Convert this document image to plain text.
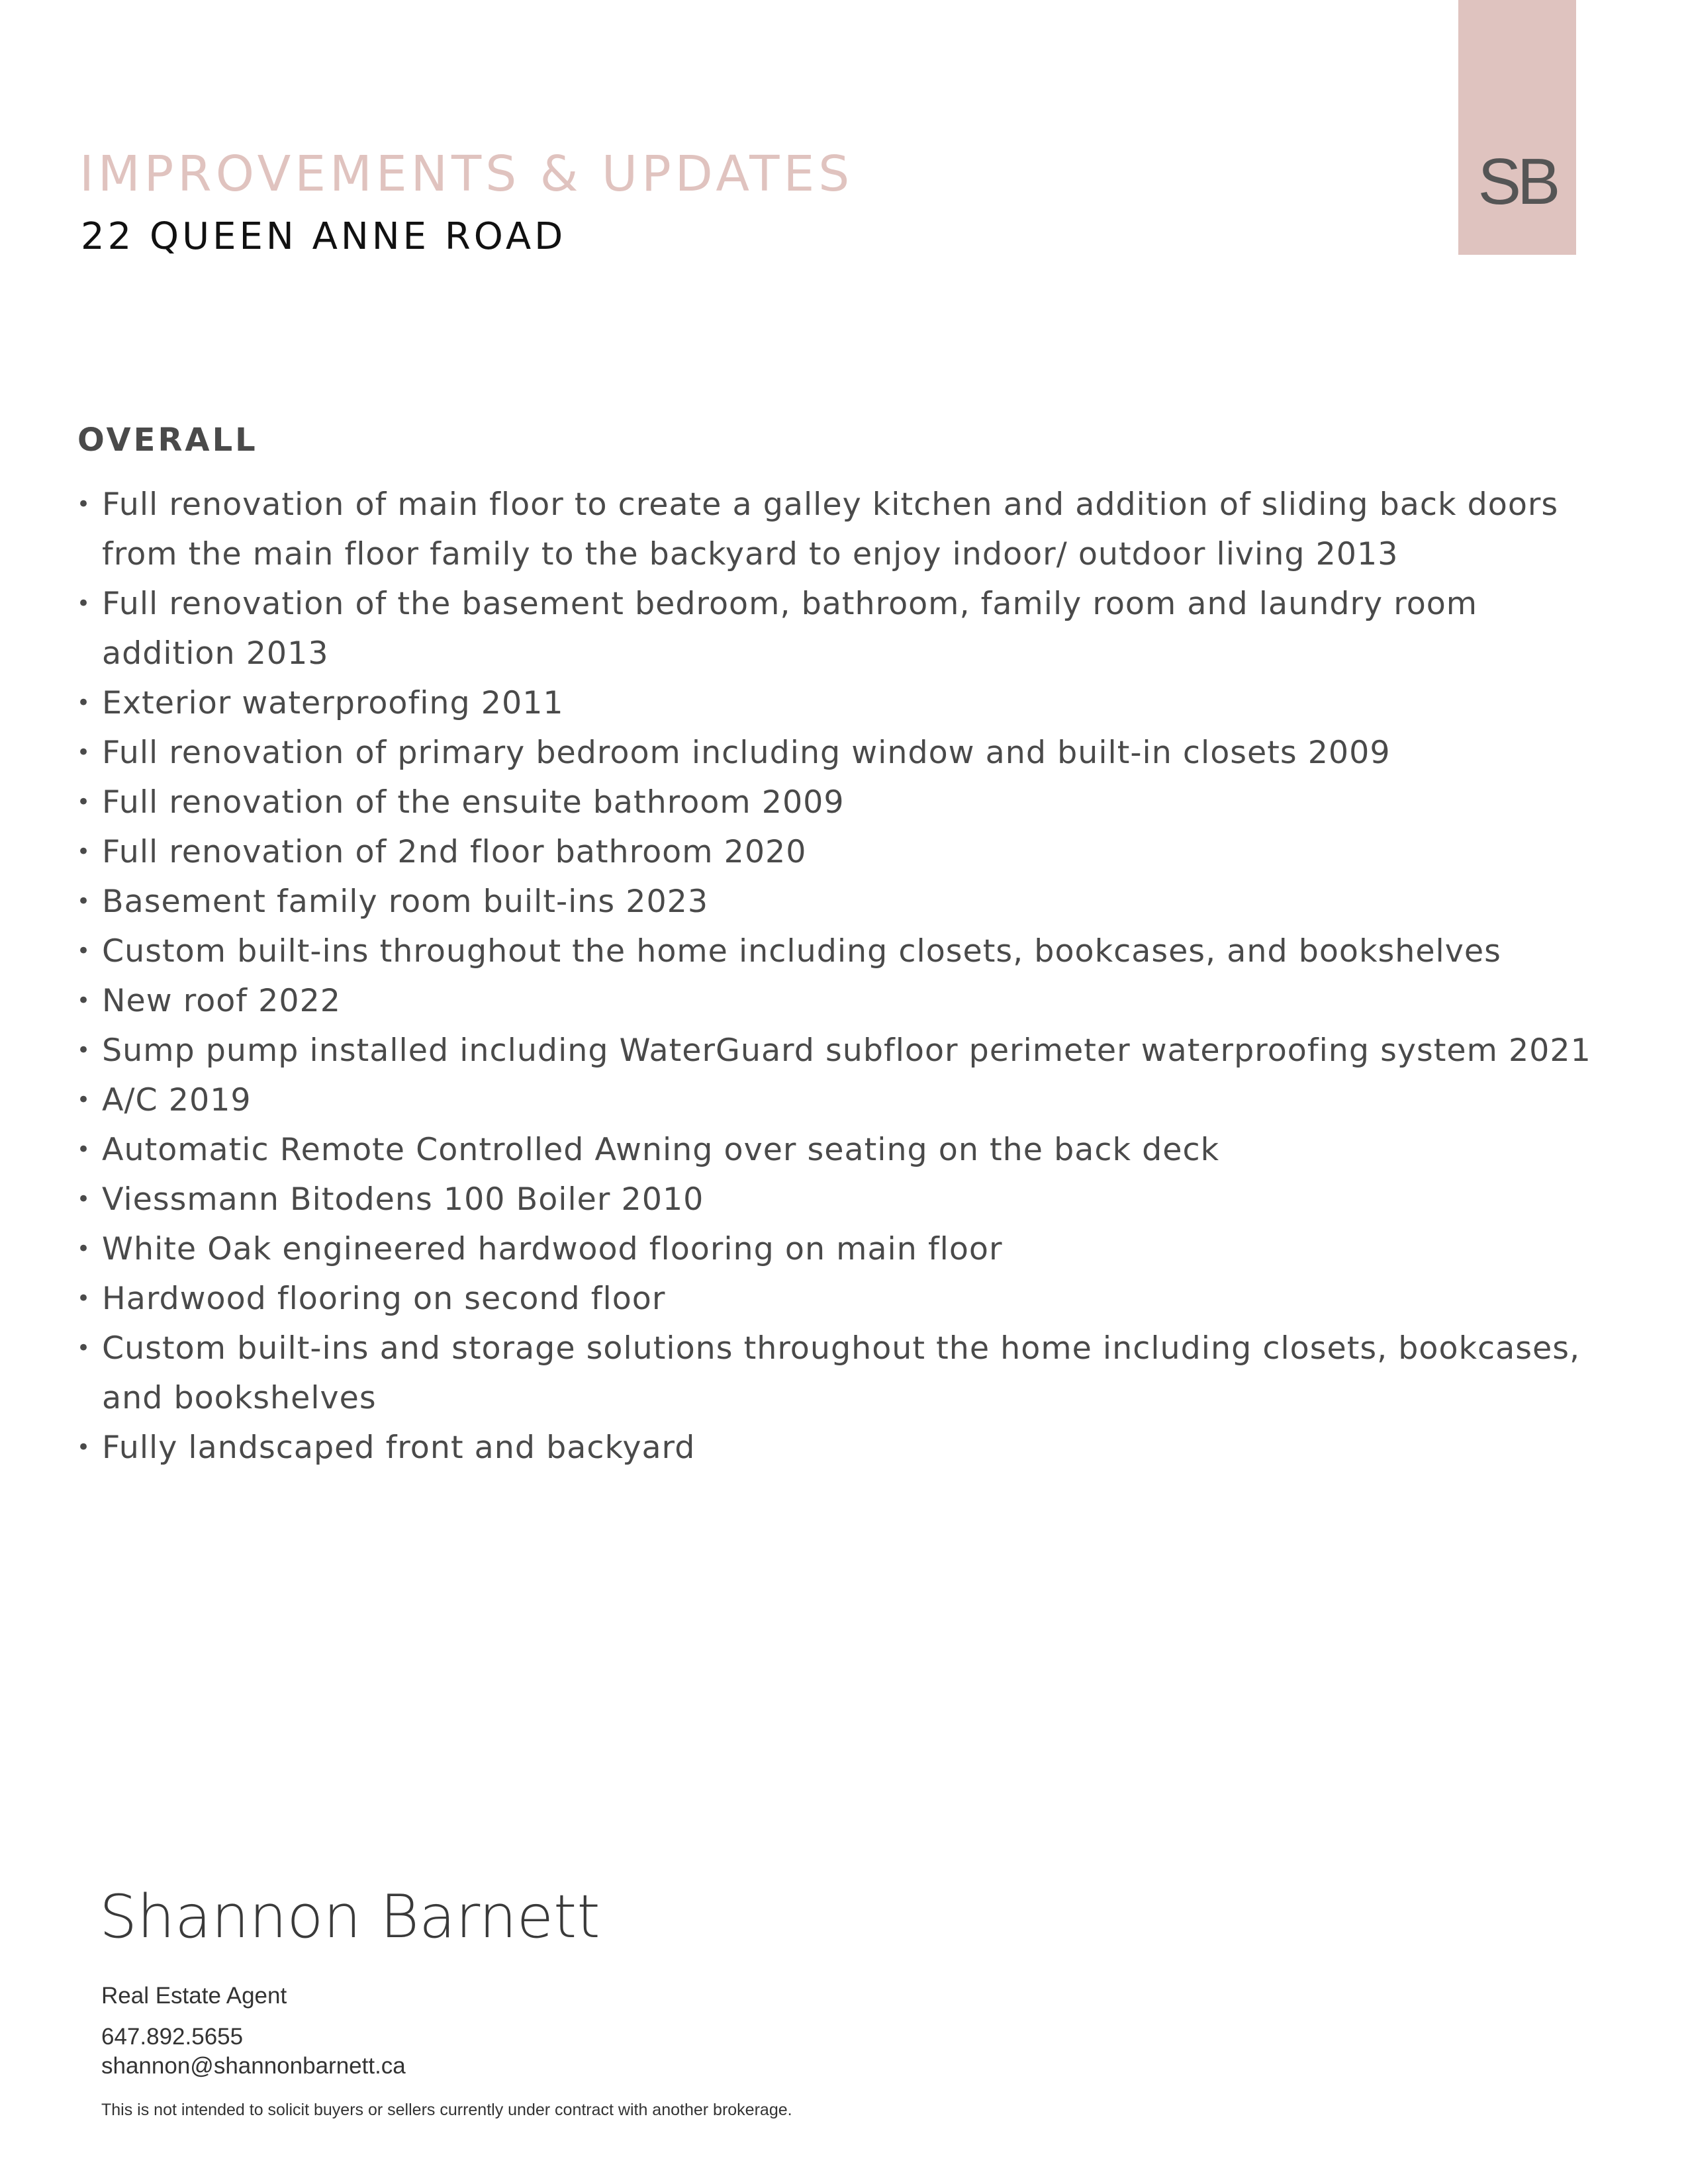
SB
IMPROVEMENTS & UPDATES
22 QUEEN ANNE ROAD
OVERALL
• Full renovation of main floor to create a galley kitchen and addition of sliding back doors from the main floor family to the backyard to enjoy indoor/ outdoor living 2013
• Full renovation of the basement bedroom, bathroom, family room and laundry room addition 2013
• Exterior waterproofing 2011
• Full renovation of primary bedroom including window and built-in closets 2009
• Full renovation of the ensuite bathroom 2009
• Full renovation of 2nd floor bathroom 2020
• Basement family room built-ins 2023
• Custom built-ins throughout the home including closets, bookcases, and bookshelves
• New roof 2022
• Sump pump installed including WaterGuard subfloor perimeter waterproofing system 2021
• A/C 2019
• Automatic Remote Controlled Awning over seating on the back deck
• Viessmann Bitodens 100 Boiler 2010
• White Oak engineered hardwood flooring on main floor
• Hardwood flooring on second floor
• Custom built-ins and storage solutions throughout the home including closets, bookcases, and bookshelves
• Fully landscaped front and backyard
Shannon Barnett
Real Estate Agent
647.892.5655
shannon@shannonbarnett.ca
This is not intended to solicit buyers or sellers currently under contract with another brokerage.
